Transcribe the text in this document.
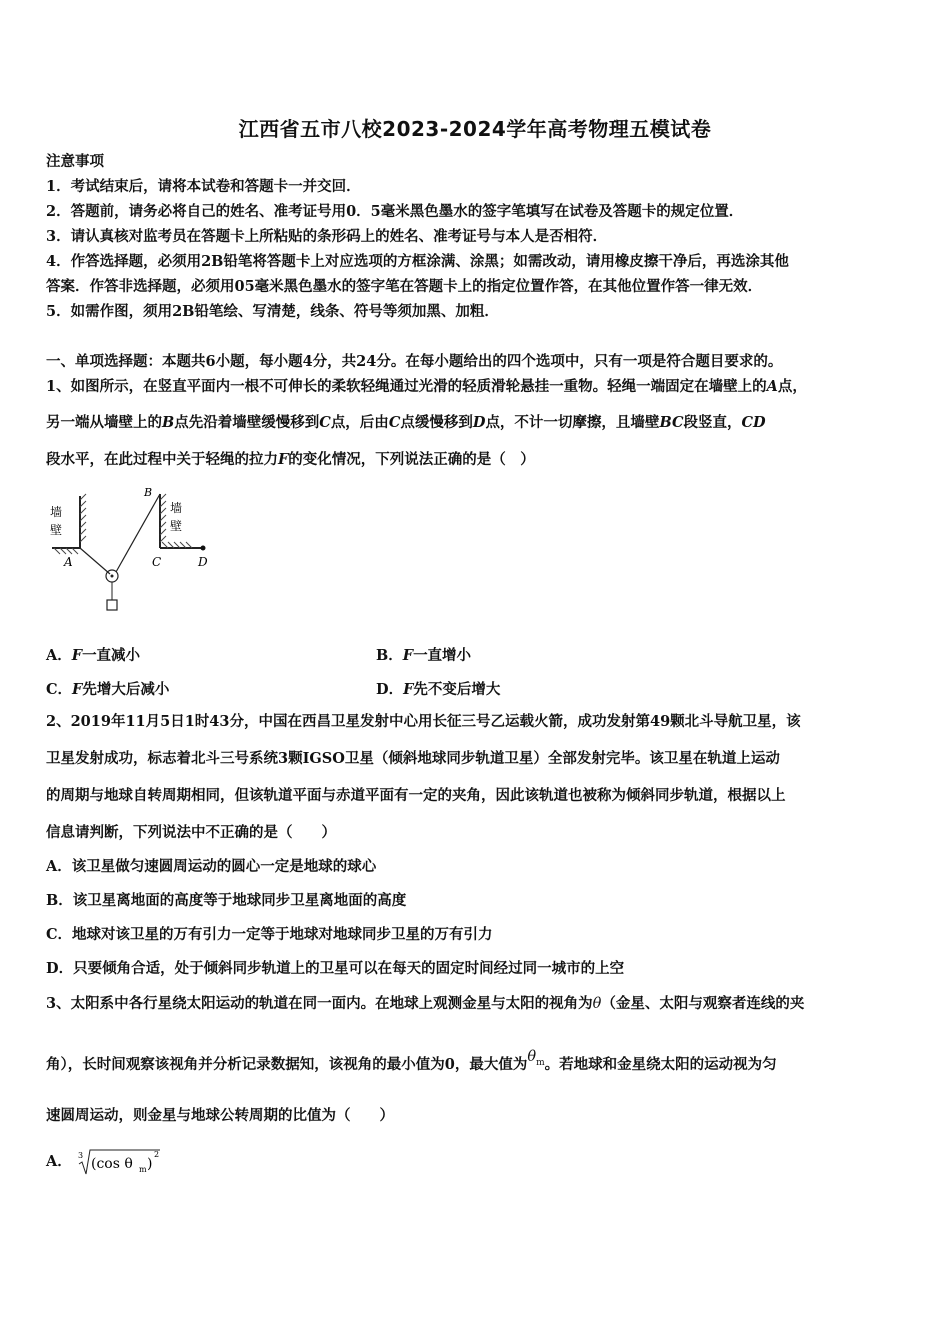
江西省五市八校2023-2024学年高考物理五模试卷
注意事项
1．考试结束后，请将本试卷和答题卡一并交回．
2．答题前，请务必将自己的姓名、准考证号用0．5毫米黑色墨水的签字笔填写在试卷及答题卡的规定位置．
3．请认真核对监考员在答题卡上所粘贴的条形码上的姓名、准考证号与本人是否相符．
4．作答选择题，必须用2B铅笔将答题卡上对应选项的方框涂满、涂黑；如需改动，请用橡皮擦干净后，再选涂其他
答案．作答非选择题，必须用05毫米黑色墨水的签字笔在答题卡上的指定位置作答，在其他位置作答一律无效．
5．如需作图，须用2B铅笔绘、写清楚，线条、符号等须加黑、加粗．
一、单项选择题：本题共6小题，每小题4分，共24分。在每小题给出的四个选项中，只有一项是符合题目要求的。
1、如图所示，在竖直平面内一根不可伸长的柔软轻绳通过光滑的轻质滑轮悬挂一重物。轻绳一端固定在墙壁上的A点，
另一端从墙壁上的B点先沿着墙壁缓慢移到C点，后由C点缓慢移到D点，不计一切摩擦，且墙壁BC段竖直，CD
段水平，在此过程中关于轻绳的拉力F的变化情况，下列说法正确的是（　）
墙
壁
墙
壁
A
B
C	D
A．F一直减小	B．F一直增小
C．F先增大后减小	D．F先不变后增大
2、2019年11月5日1时43分，中国在西昌卫星发射中心用长征三号乙运载火箭，成功发射第49颗北斗导航卫星，该
卫星发射成功，标志着北斗三号系统3颗IGSO卫星（倾斜地球同步轨道卫星）全部发射完毕。该卫星在轨道上运动
的周期与地球自转周期相同，但该轨道平面与赤道平面有一定的夹角，因此该轨道也被称为倾斜同步轨道，根据以上
信息请判断，下列说法中不正确的是（　　）
A．该卫星做匀速圆周运动的圆心一定是地球的球心
B．该卫星离地面的高度等于地球同步卫星离地面的高度
C．地球对该卫星的万有引力一定等于地球对地球同步卫星的万有引力
D．只要倾角合适，处于倾斜同步轨道上的卫星可以在每天的固定时间经过同一城市的上空
3、太阳系中各行星绕太阳运动的轨道在同一面内。在地球上观测金星与太阳的视角为θ（金星、太阳与观察者连线的夹
角），长时间观察该视角并分析记录数据知，该视角的最小值为0，最大值为$\theta^m$。若地球和金星绕太阳的运动视为匀
速圆周运动，则金星与地球公转周期的比值为（　　）
A． 3
(cos θ m )
2
